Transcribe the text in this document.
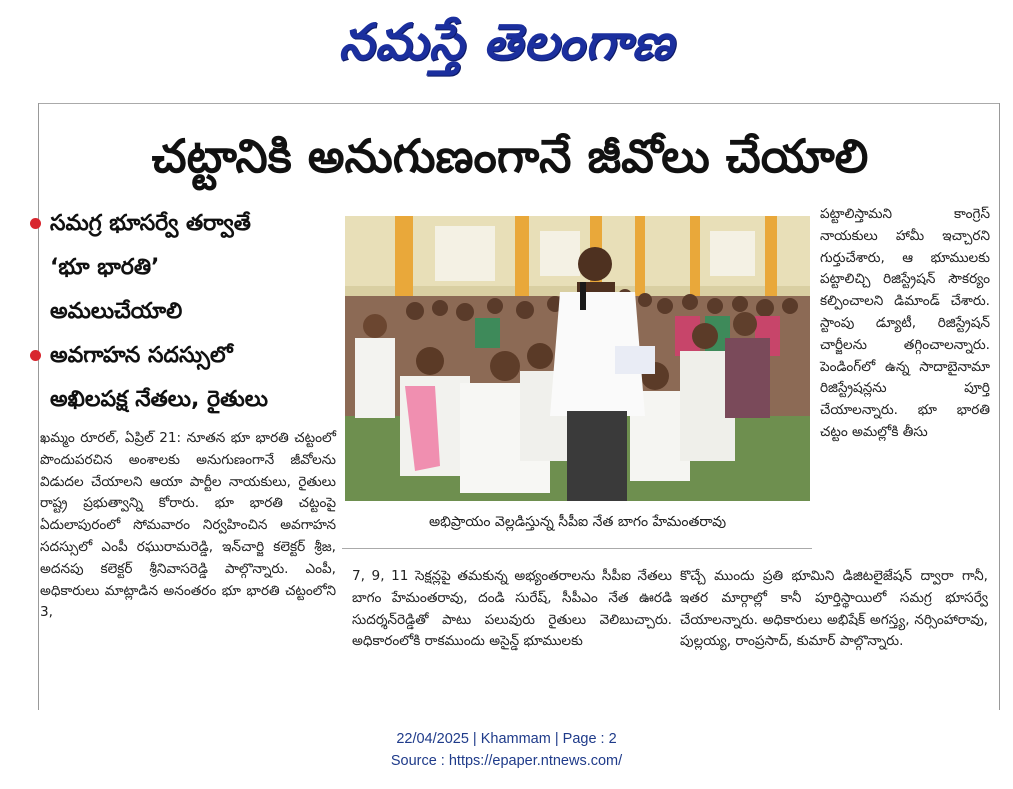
నమస్తే తెలంగాణ
చట్టానికి అనుగుణంగానే జీవోలు చేయాలి
సమగ్ర భూసర్వే తర్వాతే
‘భూ భారతి’
అమలుచేయాలి
అవగాహన సదస్సులో
అఖిలపక్ష నేతలు, రైతులు
అభిప్రాయం వెల్లడిస్తున్న సీపీఐ నేత బాగం హేమంతరావు

ఖమ్మం రూరల్, ఏప్రిల్ 21: నూతన భూ భారతి చట్టంలో పొందుపరచిన అంశాలకు అనుగుణంగానే జీవోలను విడుదల చేయాలని ఆయా పార్టీల నాయకులు, రైతులు రాష్ట్ర ప్రభుత్వాన్ని కోరారు. భూ భారతి చట్టంపై ఏదులాపురంలో సోమవారం నిర్వహించిన అవగాహన సదస్సులో ఎంపీ రఘురామరెడ్డి, ఇన్‌చార్జి కలెక్టర్ శ్రీజ, అదనపు కలెక్టర్ శ్రీనివాసరెడ్డి పాల్గొన్నారు. ఎంపీ, అధికారులు మాట్లాడిన అనంతరం భూ భారతి చట్టంలోని 3,

పట్టాలిస్తామని కాంగ్రెస్ నాయకులు హామీ ఇచ్చారని గుర్తుచేశారు, ఆ భూములకు పట్టాలిచ్చి రిజిస్ట్రేషన్ సౌకర్యం కల్పించాలని డిమాండ్ చేశారు. స్టాంపు డ్యూటీ, రిజిస్ట్రేషన్ చార్జీలను తగ్గించాలన్నారు. పెండింగ్‌లో ఉన్న సాదాబైనామా రిజిస్ట్రేషన్లను పూర్తి చేయాలన్నారు. భూ భారతి చట్టం అమల్లోకి తీసు

7, 9, 11 సెక్షన్లపై తమకున్న అభ్యంతరాలను సీపీఐ నేతలు బాగం హేమంతరావు, దండి సురేష్, సీపీఎం నేత ఊరడి సుదర్శన్‌రెడ్డితో పాటు పలువురు రైతులు వెలిబుచ్చారు. అధికారంలోకి రాకముందు అసైన్డ్ భూములకు

కొచ్చే ముందు ప్రతి భూమిని డిజిటలైజేషన్ ద్వారా గానీ, ఇతర మార్గాల్లో కానీ పూర్తిస్థాయిలో సమగ్ర భూసర్వే చేయాలన్నారు. అధికారులు అభిషేక్ అగస్త్య, నర్సింహారావు, పుల్లయ్య, రాంప్రసాద్, కుమార్ పాల్గొన్నారు.

22/04/2025 | Khammam | Page : 2
Source : https://epaper.ntnews.com/
